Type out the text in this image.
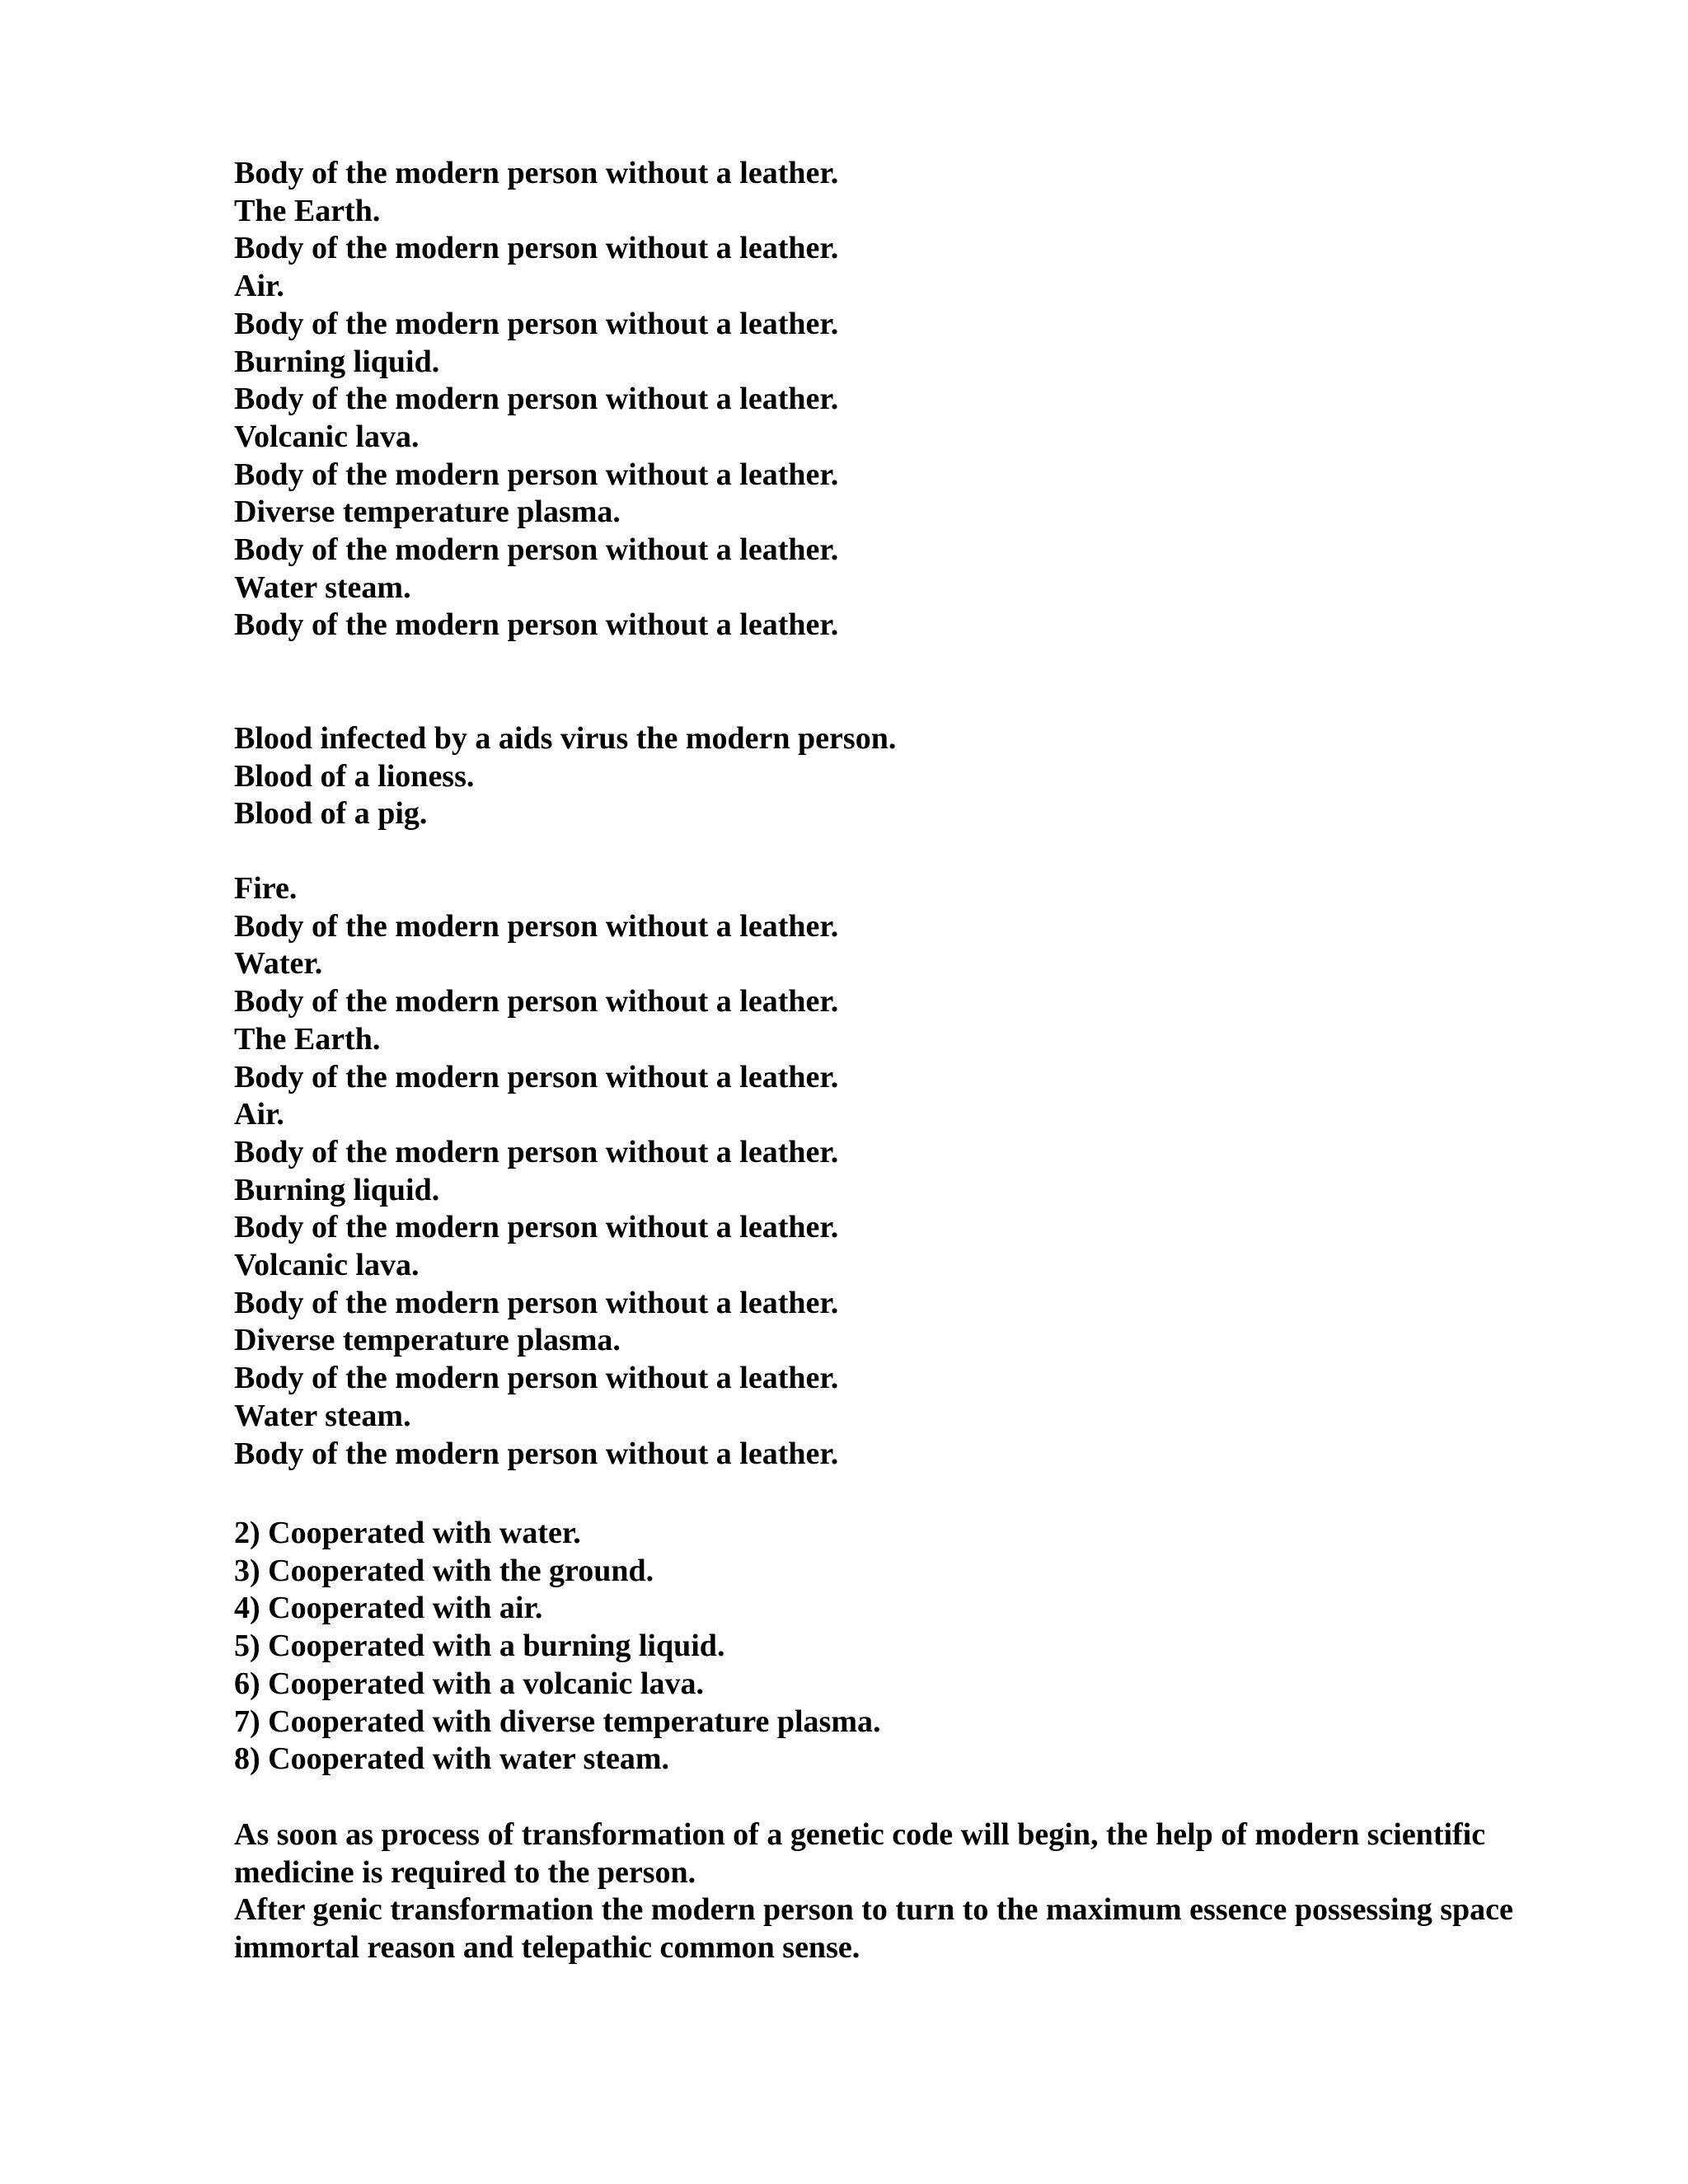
Body of the modern person without a leather.
The Earth.
Body of the modern person without a leather.
Air.
Body of the modern person without a leather.
Burning liquid.
Body of the modern person without a leather.
Volcanic lava.
Body of the modern person without a leather.
Diverse temperature plasma.
Body of the modern person without a leather.
Water steam.
Body of the modern person without a leather.
Blood infected by a aids virus the modern person.
Blood of a lioness.
Blood of a pig.
Fire.
Body of the modern person without a leather.
Water.
Body of the modern person without a leather.
The Earth.
Body of the modern person without a leather.
Air.
Body of the modern person without a leather.
Burning liquid.
Body of the modern person without a leather.
Volcanic lava.
Body of the modern person without a leather.
Diverse temperature plasma.
Body of the modern person without a leather.
Water steam.
Body of the modern person without a leather.
2) Cooperated with water.
3) Cooperated with the ground.
4) Cooperated with air.
5) Cooperated with a burning liquid.
6) Cooperated with a volcanic lava.
7) Cooperated with diverse temperature plasma.
8) Cooperated with water steam.
As soon as process of transformation of a genetic code will begin, the help of modern scientific medicine is required to the person.
After genic transformation the modern person to turn to the maximum essence possessing space immortal reason and telepathic common sense.
